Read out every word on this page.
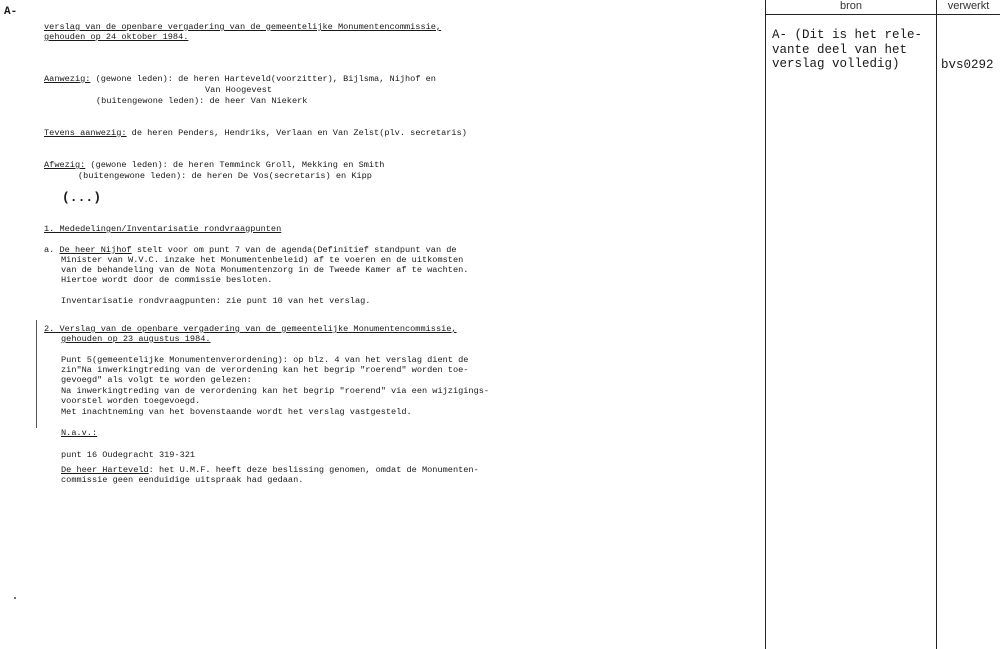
A-
verslag van de openbare vergadering van de gemeentelijke Monumentencommissie,
gehouden op 24 oktober 1984.
Aanwezig: (gewone leden): de heren Harteveld(voorzitter), Bijlsma, Nijhof en
Van Hoogevest
(buitengewone leden): de heer Van Niekerk
Tevens aanwezig: de heren Penders, Hendriks, Verlaan en Van Zelst(plv. secretaris)
Afwezig: (gewone leden): de heren Temminck Groll, Mekking en Smith
(buitengewone leden): de heren De Vos(secretaris) en Kipp
(...)
1. Mededelingen/Inventarisatie rondvraagpunten
a. De heer Nijhof stelt voor om punt 7 van de agenda(Definitief standpunt van de
Minister van W.V.C. inzake het Monumentenbeleid) af te voeren en de uitkomsten
van de behandeling van de Nota Monumentenzorg in de Tweede Kamer af te wachten.
Hiertoe wordt door de commissie besloten.
Inventarisatie rondvraagpunten: zie punt 10 van het verslag.
2. Verslag van de openbare vergadering van de gemeentelijke Monumentencommissie,
gehouden op 23 augustus 1984.
Punt 5(gemeentelijke Monumentenverordening): op blz. 4 van het verslag dient de
zin"Na inwerkingtreding van de verordening kan het begrip "roerend" worden toe-
gevoegd" als volgt te worden gelezen:
Na inwerkingtreding van de verordening kan het begrip "roerend" via een wijzigings-
voorstel worden toegevoegd.
Met inachtneming van het bovenstaande wordt het verslag vastgesteld.
N.a.v.:
punt 16 Oudegracht 319-321
De heer Harteveld: het U.M.F. heeft deze beslissing genomen, omdat de Monumenten-
commissie geen eenduidige uitspraak had gedaan.
bron	verwerkt
A- (Dit is het rele-
vante deel van het
verslag volledig)	bvs0292
